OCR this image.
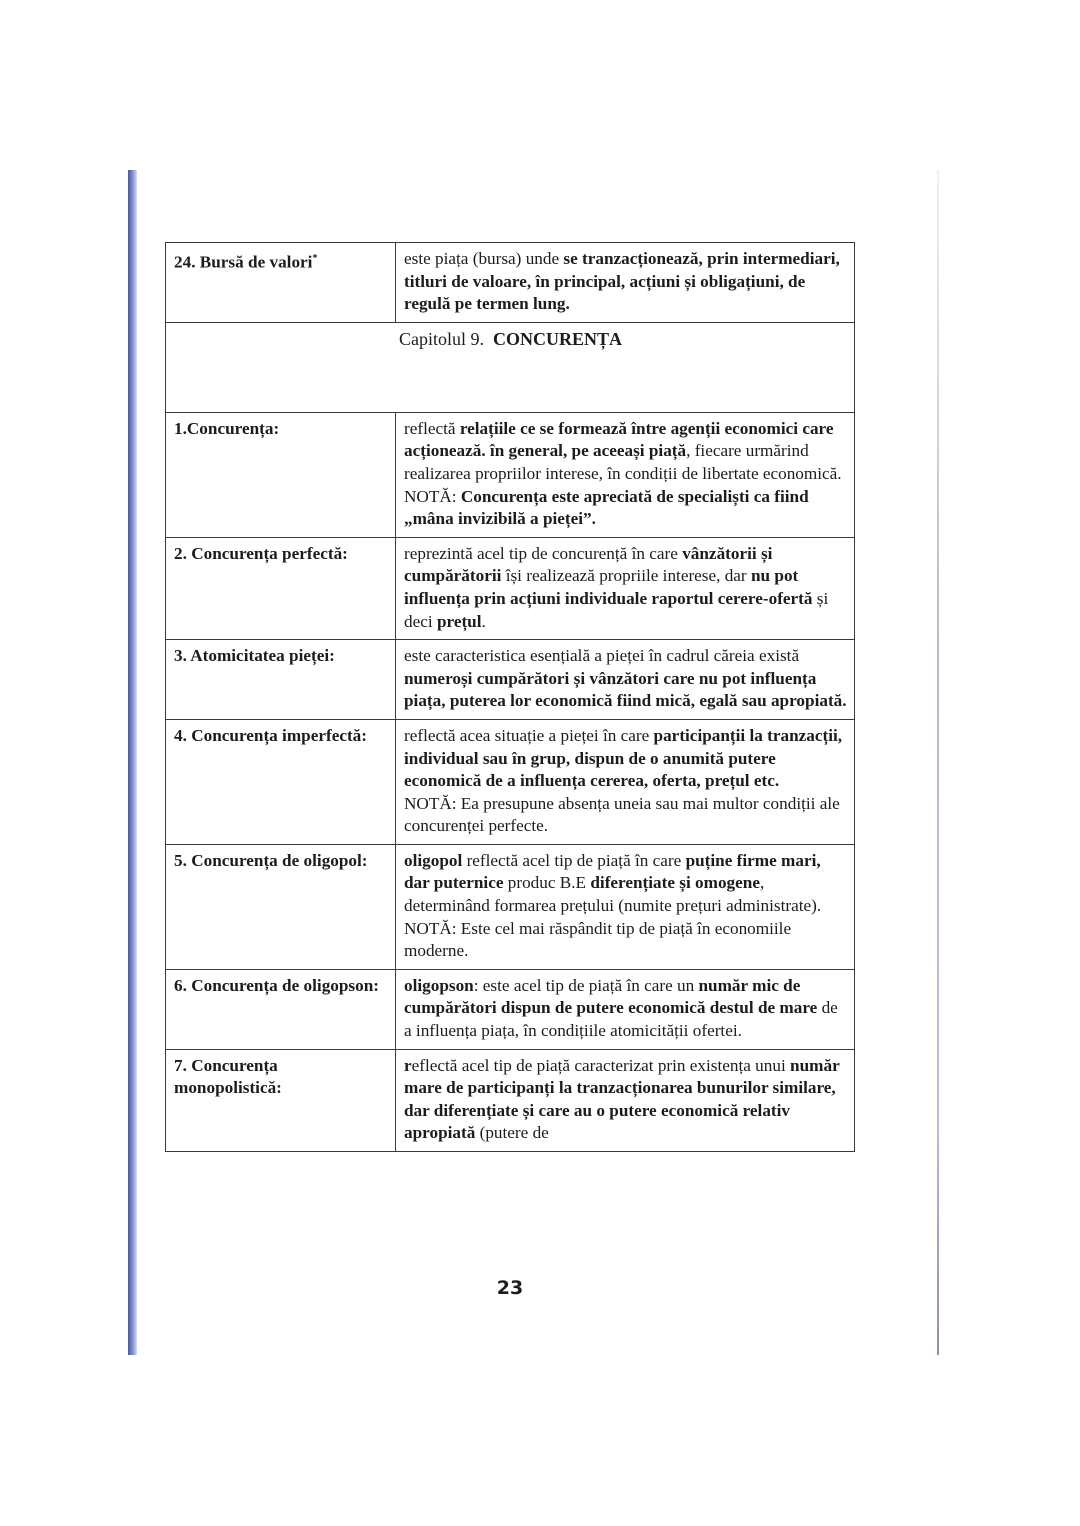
24. Bursă de valori*	este piața (bursa) unde se tranzacționează, prin intermediari, titluri de valoare, în principal, acțiuni și obligațiuni, de regulă pe termen lung.
Capitolul 9. CONCURENȚA	
1.Concurența:	reflectă relațiile ce se formează între agenții economici care acționează. în general, pe aceeași piață, fiecare urmărind realizarea propriilor interese, în condiții de libertate economică.
NOTĂ: Concurența este apreciată de specialiști ca fiind „mâna invizibilă a pieței”.
2. Concurența perfectă:	reprezintă acel tip de concurență în care vânzătorii și cumpărătorii își realizează propriile interese, dar nu pot influența prin acțiuni individuale raportul cerere-ofertă și deci prețul.
3. Atomicitatea pieței:	este caracteristica esențială a pieței în cadrul căreia există numeroși cumpărători și vânzători care nu pot influența piața, puterea lor economică fiind mică, egală sau apropiată.
4. Concurența imperfectă:	reflectă acea situație a pieței în care participanții la tranzacții, individual sau în grup, dispun de o anumită putere economică de a influența cererea, oferta, prețul etc.
NOTĂ: Ea presupune absența uneia sau mai multor condiții ale concurenței perfecte.
5. Concurența de oligopol:	oligopol reflectă acel tip de piață în care puține firme mari, dar puternice produc B.E diferențiate și omogene, determinând formarea prețului (numite prețuri administrate).
NOTĂ: Este cel mai răspândit tip de piață în economiile moderne.
6. Concurența de oligopson:	oligopson: este acel tip de piață în care un număr mic de cumpărători dispun de putere economică destul de mare de a influența piața, în condițiile atomicității ofertei.
7. Concurența monopolistică:	reflectă acel tip de piață caracterizat prin existența unui număr mare de participanți la tranzacționarea bunurilor similare, dar diferențiate și care au o putere economică relativ apropiată (putere de
23
